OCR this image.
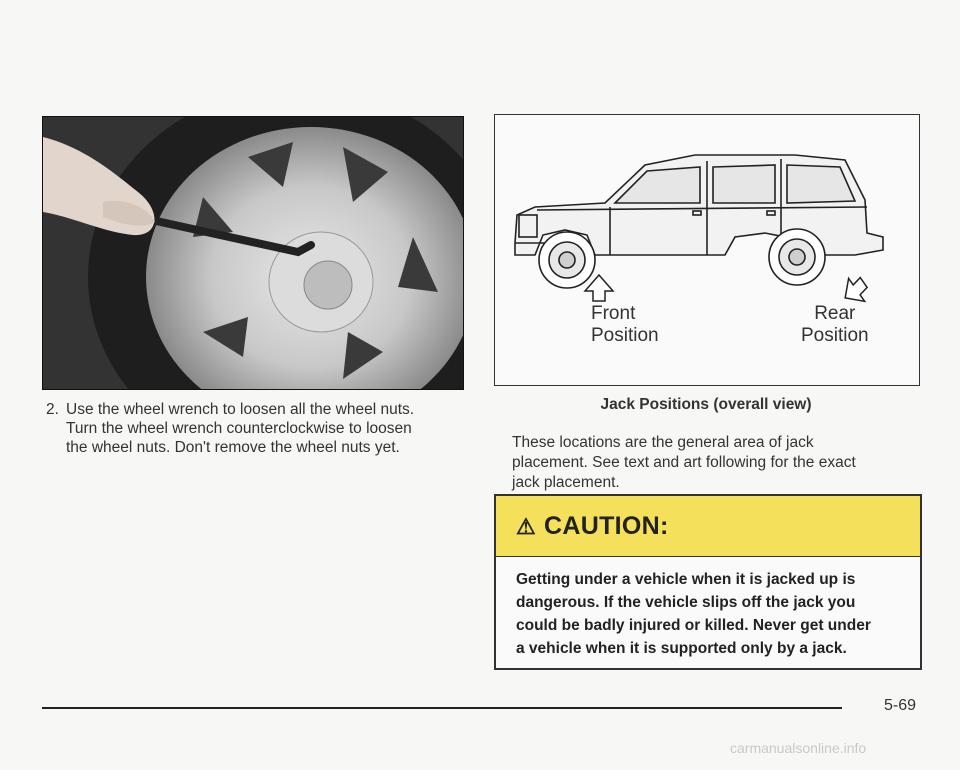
2. Use the wheel wrench to loosen all the wheel nuts.
Turn the wheel wrench counterclockwise to loosen
the wheel nuts. Don't remove the wheel nuts yet.
Front
Position
Rear
Position
Jack Positions (overall view)
These locations are the general area of jack
placement. See text and art following for the exact
jack placement.
⚠ CAUTION:
Getting under a vehicle when it is jacked up is
dangerous. If the vehicle slips off the jack you
could be badly injured or killed. Never get under
a vehicle when it is supported only by a jack.
5-69
carmanualsonline.info
